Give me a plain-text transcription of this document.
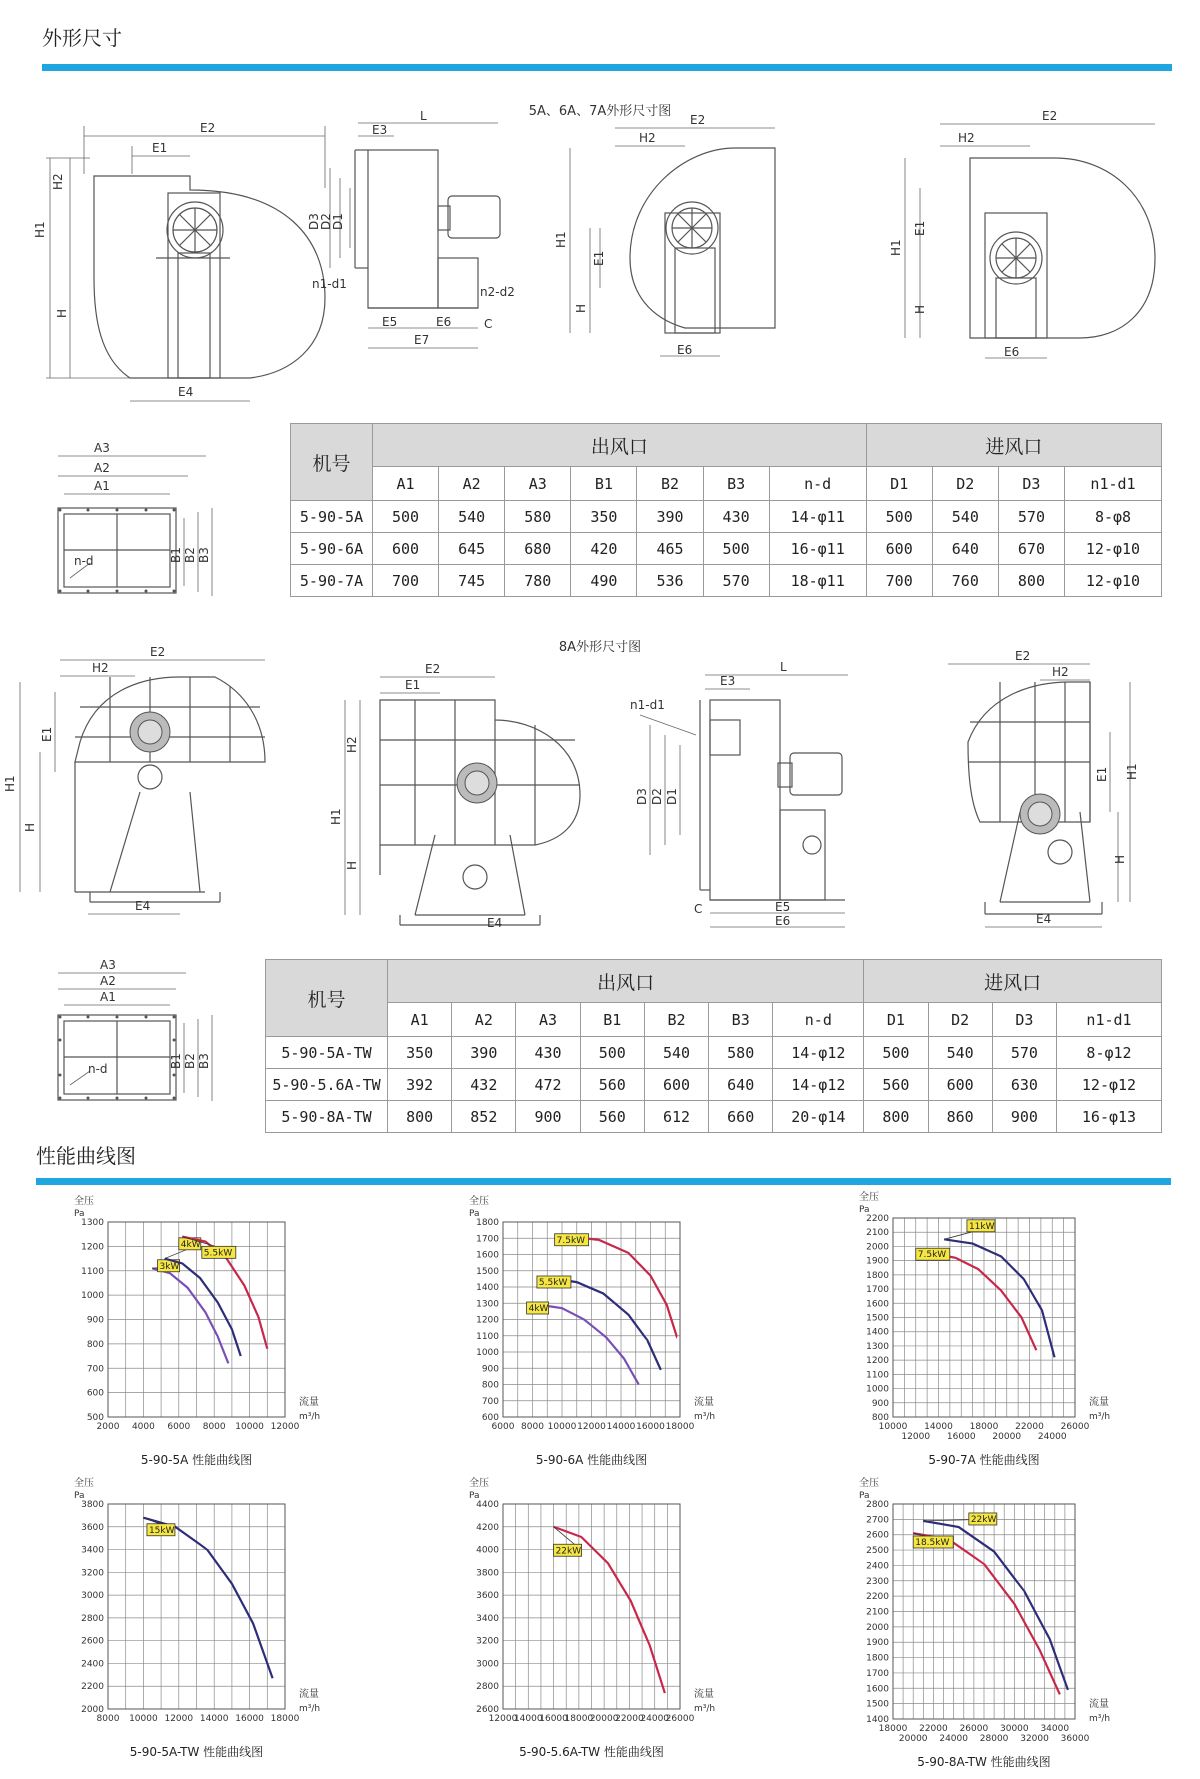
外形尺寸
5A、6A、7A外形尺寸图
E2
E1
H2
H1
H
E4
L
E3
D3
D2
D1
n1-d1
n2-d2
C
E5	E6
E7
E2
H2
H1
H
E1
E6
E2
H2
H1
E1
H
E6
A3
A2
A1
B1 B2 B3
n-d
机号	出风口							进风口			
	A1	A2	A3	B1	B2	B3	n-d	D1	D2	D3	n1-d1
5-90-5A	500	540	580	350	390	430	14-φ11	500	540	570	8-φ8
5-90-6A	600	645	680	420	465	500	16-φ11	600	640	670	12-φ10
5-90-7A	700	745	780	490	536	570	18-φ11	700	760	800	12-φ10
8A外形尺寸图
E2
H2
H1
H
E1
E4
E2
E1
H1
H2
H
E4
L
E3
n1-d1
D3 D2 D1
C	E5
E6
E2
H2
E1 H1
H
E4
A3
A2
A1
B1 B2 B3
n-d
机号	出风口							进风口			
	A1	A2	A3	B1	B2	B3	n-d	D1	D2	D3	n1-d1
5-90-5A-TW	350	390	430	500	540	580	14-φ12	500	540	570	8-φ12
5-90-5.6A-TW	392	432	472	560	600	640	14-φ12	560	600	630	12-φ12
5-90-8A-TW	800	852	900	560	612	660	20-φ14	800	860	900	16-φ13
性能曲线图
500
600
700
800
900
1000
1100
1200
1300
2000 4000 6000 8000 10000 12000
全压
Pa
流量
m³/h
5-90-5A 性能曲线图
3kW
4kW
5.5kW
600
700
800
900
1000
1100
1200
1300
1400
1500
1600
1700
1800
6000 8000 10000 12000 14000 16000 18000
全压
Pa
流量
m³/h
5-90-6A 性能曲线图
4kW
5.5kW
7.5kW
800
900
1000
1100
1200
1300
1400
1500
1600
1700
1800
1900
2000
2100
2200
10000
12000
14000
16000
18000
20000
22000
24000
26000
全压
Pa
流量
m³/h
5-90-7A 性能曲线图
7.5kW
11kW
2000
2200
2400
2600
2800
3000
3200
3400
3600
3800
8000 10000 12000 14000 16000 18000
全压
Pa
流量
m³/h
5-90-5A-TW 性能曲线图
15kW
2600
2800
3000
3200
3400
3600
3800
4000
4200
4400
12000
14000
16000
18000
20000
22000
24000
26000
全压
Pa
流量
m³/h
5-90-5.6A-TW 性能曲线图
22kW
1400
1500
1600
1700
1800
1900
2000
2100
2200
2300
2400
2500
2600
2700
2800
18000
20000
22000
24000
26000
28000
30000
32000
34000
36000
全压
Pa
流量
m³/h
5-90-8A-TW 性能曲线图
18.5kW
22kW
